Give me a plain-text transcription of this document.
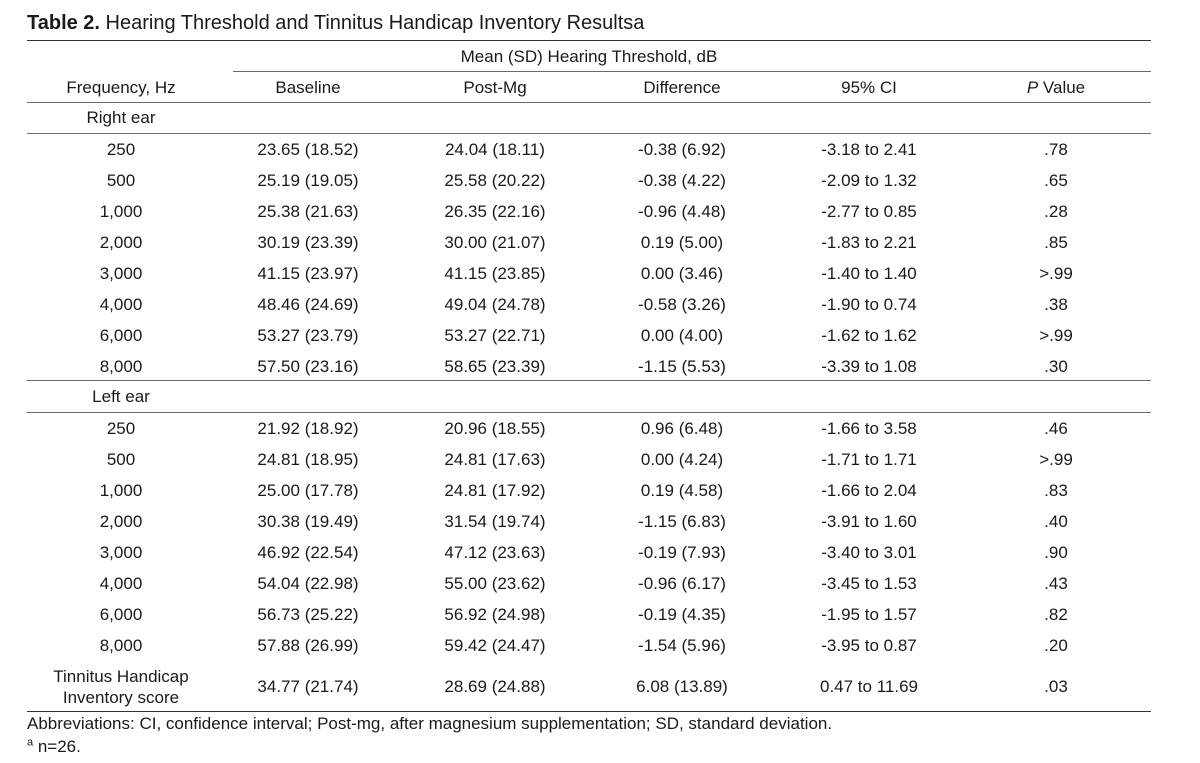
Table 2. Hearing Threshold and Tinnitus Handicap Inventory Resultsa
Mean (SD) Hearing Threshold, dB
Frequency, Hz	Baseline	Post-Mg	Difference	95% CI	P Value
Right ear
250	23.65 (18.52)	24.04 (18.11)	-0.38 (6.92)	-3.18 to 2.41	.78
500	25.19 (19.05)	25.58 (20.22)	-0.38 (4.22)	-2.09 to 1.32	.65
1,000	25.38 (21.63)	26.35 (22.16)	-0.96 (4.48)	-2.77 to 0.85	.28
2,000	30.19 (23.39)	30.00 (21.07)	0.19 (5.00)	-1.83 to 2.21	.85
3,000	41.15 (23.97)	41.15 (23.85)	0.00 (3.46)	-1.40 to 1.40	>.99
4,000	48.46 (24.69)	49.04 (24.78)	-0.58 (3.26)	-1.90 to 0.74	.38
6,000	53.27 (23.79)	53.27 (22.71)	0.00 (4.00)	-1.62 to 1.62	>.99
8,000	57.50 (23.16)	58.65 (23.39)	-1.15 (5.53)	-3.39 to 1.08	.30
Left ear
250	21.92 (18.92)	20.96 (18.55)	0.96 (6.48)	-1.66 to 3.58	.46
500	24.81 (18.95)	24.81 (17.63)	0.00 (4.24)	-1.71 to 1.71	>.99
1,000	25.00 (17.78)	24.81 (17.92)	0.19 (4.58)	-1.66 to 2.04	.83
2,000	30.38 (19.49)	31.54 (19.74)	-1.15 (6.83)	-3.91 to 1.60	.40
3,000	46.92 (22.54)	47.12 (23.63)	-0.19 (7.93)	-3.40 to 3.01	.90
4,000	54.04 (22.98)	55.00 (23.62)	-0.96 (6.17)	-3.45 to 1.53	.43
6,000	56.73 (25.22)	56.92 (24.98)	-0.19 (4.35)	-1.95 to 1.57	.82
8,000	57.88 (26.99)	59.42 (24.47)	-1.54 (5.96)	-3.95 to 0.87	.20
Tinnitus Handicap
Inventory score
34.77 (21.74)	28.69 (24.88)	6.08 (13.89)	0.47 to 11.69	.03
Abbreviations: CI, confidence interval; Post-mg, after magnesium supplementation; SD, standard deviation.
$^a$ n=26.
